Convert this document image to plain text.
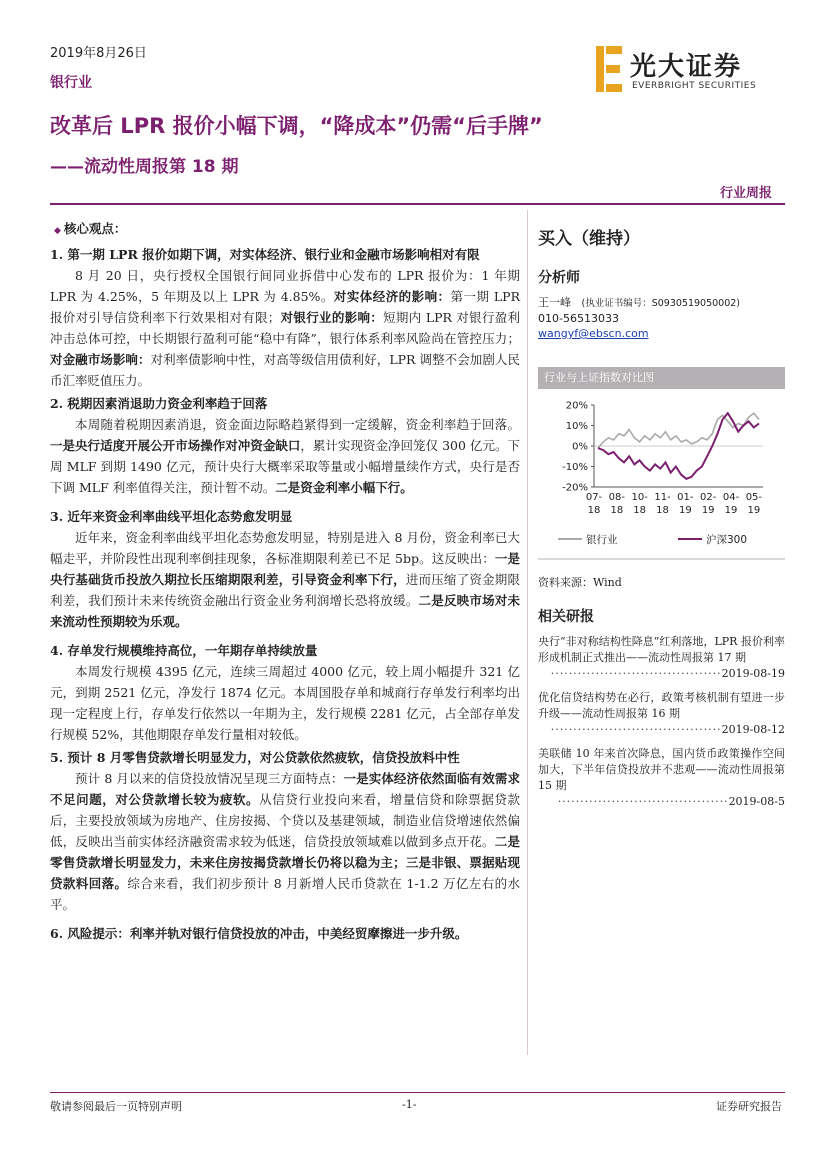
2019年8月26日
银行业
光大证券
EVERBRIGHT SECURITIES
改革后 LPR 报价小幅下调，“降成本”仍需“后手牌”
——流动性周报第 18 期
行业周报
◆ 核心观点：
1. 第一期 LPR 报价如期下调，对实体经济、银行业和金融市场影响相对有限
8 月 20 日，央行授权全国银行间同业拆借中心发布的 LPR 报价为：1 年期 LPR 为 4.25%，5 年期及以上 LPR 为 4.85%。对实体经济的影响：第一期 LPR 报价对引导信贷利率下行效果相对有限；对银行业的影响：短期内 LPR 对银行盈利冲击总体可控，中长期银行盈利可能“稳中有降”，银行体系利率风险尚在管控压力；对金融市场影响：对利率债影响中性，对高等级信用债利好，LPR 调整不会加剧人民币汇率贬值压力。
2. 税期因素消退助力资金利率趋于回落
本周随着税期因素消退，资金面边际略趋紧得到一定缓解，资金利率趋于回落。一是央行适度开展公开市场操作对冲资金缺口，累计实现资金净回笼仅 300 亿元。下周 MLF 到期 1490 亿元，预计央行大概率采取等量或小幅增量续作方式，央行是否下调 MLF 利率值得关注，预计暂不动。二是资金利率小幅下行。
3. 近年来资金利率曲线平坦化态势愈发明显
近年来，资金利率曲线平坦化态势愈发明显，特别是进入 8 月份，资金利率已大幅走平，并阶段性出现利率倒挂现象，各标准期限利差已不足 5bp。这反映出：一是央行基础货币投放久期拉长压缩期限利差，引导资金利率下行，进而压缩了资金期限利差，我们预计未来传统资金融出行资金业务利润增长恐将放缓。二是反映市场对未来流动性预期较为乐观。
4. 存单发行规模维持高位，一年期存单持续放量
本周发行规模 4395 亿元，连续三周超过 4000 亿元，较上周小幅提升 321 亿元，到期 2521 亿元，净发行 1874 亿元。本周国股存单和城商行存单发行利率均出现一定程度上行，存单发行依然以一年期为主，发行规模 2281 亿元，占全部存单发行规模 52%，其他期限存单发行量相对较低。
5. 预计 8 月零售贷款增长明显发力，对公贷款依然疲软，信贷投放料中性
预计 8 月以来的信贷投放情况呈现三方面特点：一是实体经济依然面临有效需求不足问题，对公贷款增长较为疲软。从信贷行业投向来看，增量信贷和除票据贷款后，主要投放领域为房地产、住房按揭、个贷以及基建领域，制造业信贷增速依然偏低，反映出当前实体经济融资需求较为低迷，信贷投放领域难以做到多点开花。二是零售贷款增长明显发力，未来住房按揭贷款增长仍将以稳为主；三是非银、票据贴现贷款料回落。综合来看，我们初步预计 8 月新增人民币贷款在 1-1.2 万亿左右的水平。
6. 风险提示：利率并轨对银行信贷投放的冲击，中美经贸摩擦进一步升级。
买入（维持）
分析师
王一峰 (执业证书编号：S0930519050002)
010-56513033
wangyf@ebscn.com
行业与上证指数对比图
20%
10%
0%
-10%
-20%
07-
18
08-
18
10-
18
11-
18
01-
19
02-
19
04-
19
05-
19
银行业	沪深300
资料来源：Wind
相关研报
央行“非对称结构性降息”红利落地，LPR 报价利率形成机制正式推出——流动性周报第 17 期
······································2019-08-19
优化信贷结构势在必行，政策考核机制有望进一步升级——流动性周报第 16 期
······································2019-08-12
美联储 10 年来首次降息，国内货币政策操作空间加大，下半年信贷投放并不悲观——流动性周报第 15 期
······································2019-08-5
敬请参阅最后一页特别声明	-1-	证券研究报告
